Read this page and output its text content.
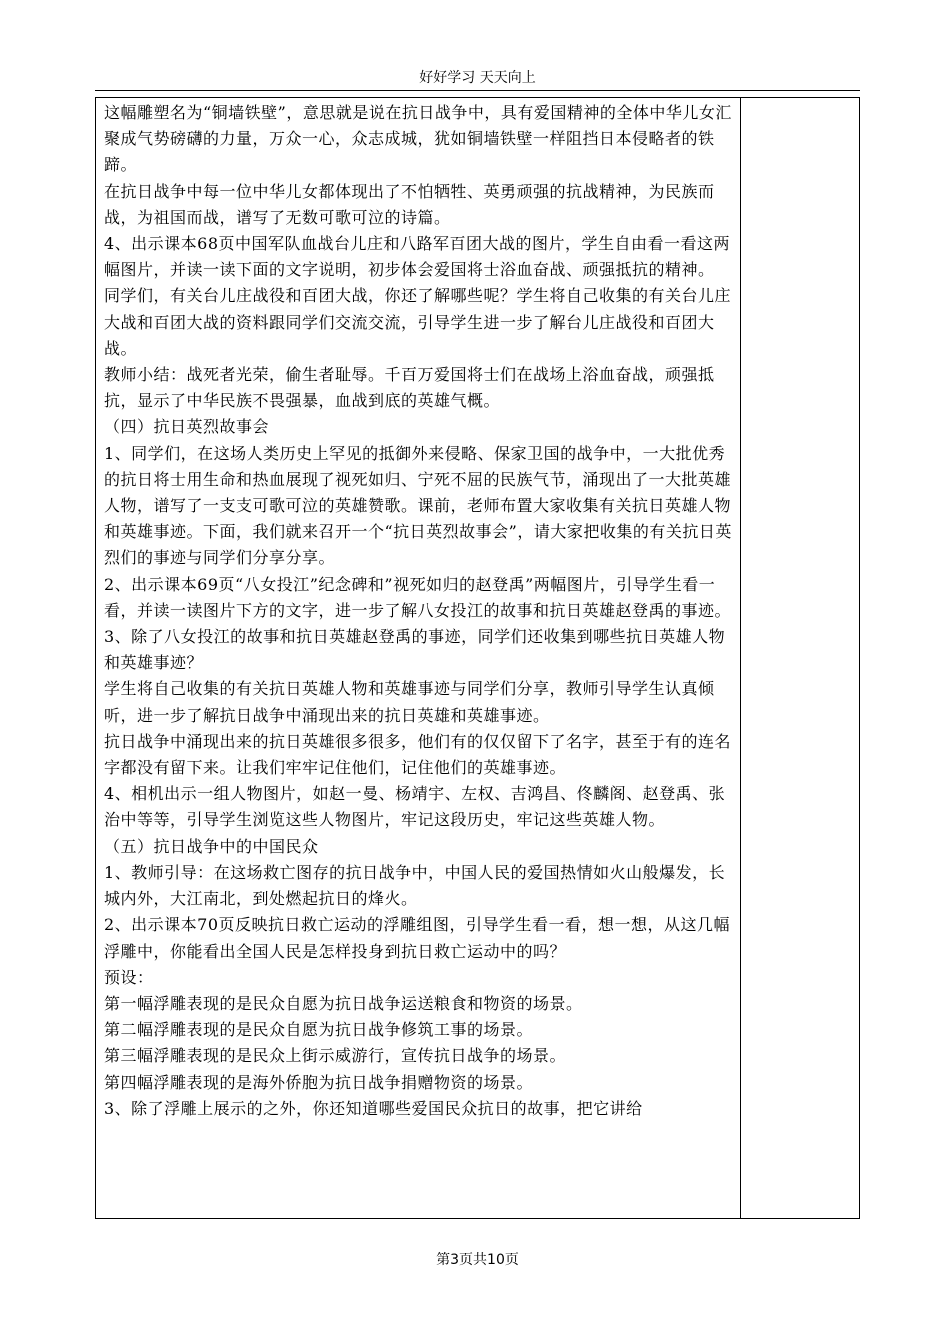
好好学习 天天向上

这幅雕塑名为“铜墙铁壁”，意思就是说在抗日战争中，具有爱国精神的全体中华儿女汇聚成气势磅礴的力量，万众一心，众志成城，犹如铜墙铁壁一样阻挡日本侵略者的铁蹄。

在抗日战争中每一位中华儿女都体现出了不怕牺牲、英勇顽强的抗战精神，为民族而战，为祖国而战，谱写了无数可歌可泣的诗篇。

4、出示课本68页中国军队血战台儿庄和八路军百团大战的图片，学生自由看一看这两幅图片，并读一读下面的文字说明，初步体会爱国将士浴血奋战、顽强抵抗的精神。

同学们，有关台儿庄战役和百团大战，你还了解哪些呢？学生将自己收集的有关台儿庄大战和百团大战的资料跟同学们交流交流，引导学生进一步了解台儿庄战役和百团大战。

教师小结：战死者光荣，偷生者耻辱。千百万爱国将士们在战场上浴血奋战，顽强抵抗，显示了中华民族不畏强暴，血战到底的英雄气概。

（四）抗日英烈故事会

1、同学们，在这场人类历史上罕见的抵御外来侵略、保家卫国的战争中，一大批优秀的抗日将士用生命和热血展现了视死如归、宁死不屈的民族气节，涌现出了一大批英雄人物，谱写了一支支可歌可泣的英雄赞歌。课前，老师布置大家收集有关抗日英雄人物和英雄事迹。下面，我们就来召开一个“抗日英烈故事会”，请大家把收集的有关抗日英烈们的事迹与同学们分享分享。

2、出示课本69页“八女投江”纪念碑和”视死如归的赵登禹”两幅图片，引导学生看一看，并读一读图片下方的文字，进一步了解八女投江的故事和抗日英雄赵登禹的事迹。

3、除了八女投江的故事和抗日英雄赵登禹的事迹，同学们还收集到哪些抗日英雄人物和英雄事迹？

学生将自己收集的有关抗日英雄人物和英雄事迹与同学们分享，教师引导学生认真倾听，进一步了解抗日战争中涌现出来的抗日英雄和英雄事迹。

抗日战争中涌现出来的抗日英雄很多很多，他们有的仅仅留下了名字，甚至于有的连名字都没有留下来。让我们牢牢记住他们，记住他们的英雄事迹。

4、相机出示一组人物图片，如赵一曼、杨靖宇、左权、吉鸿昌、佟麟阁、赵登禹、张治中等等，引导学生浏览这些人物图片，牢记这段历史，牢记这些英雄人物。

（五）抗日战争中的中国民众

1、教师引导：在这场救亡图存的抗日战争中，中国人民的爱国热情如火山般爆发，长城内外，大江南北，到处燃起抗日的烽火。

2、出示课本70页反映抗日救亡运动的浮雕组图，引导学生看一看，想一想，从这几幅浮雕中，你能看出全国人民是怎样投身到抗日救亡运动中的吗？

预设：

第一幅浮雕表现的是民众自愿为抗日战争运送粮食和物资的场景。

第二幅浮雕表现的是民众自愿为抗日战争修筑工事的场景。

第三幅浮雕表现的是民众上街示威游行，宣传抗日战争的场景。

第四幅浮雕表现的是海外侨胞为抗日战争捐赠物资的场景。

3、除了浮雕上展示的之外，你还知道哪些爱国民众抗日的故事，把它讲给

第3页共10页
